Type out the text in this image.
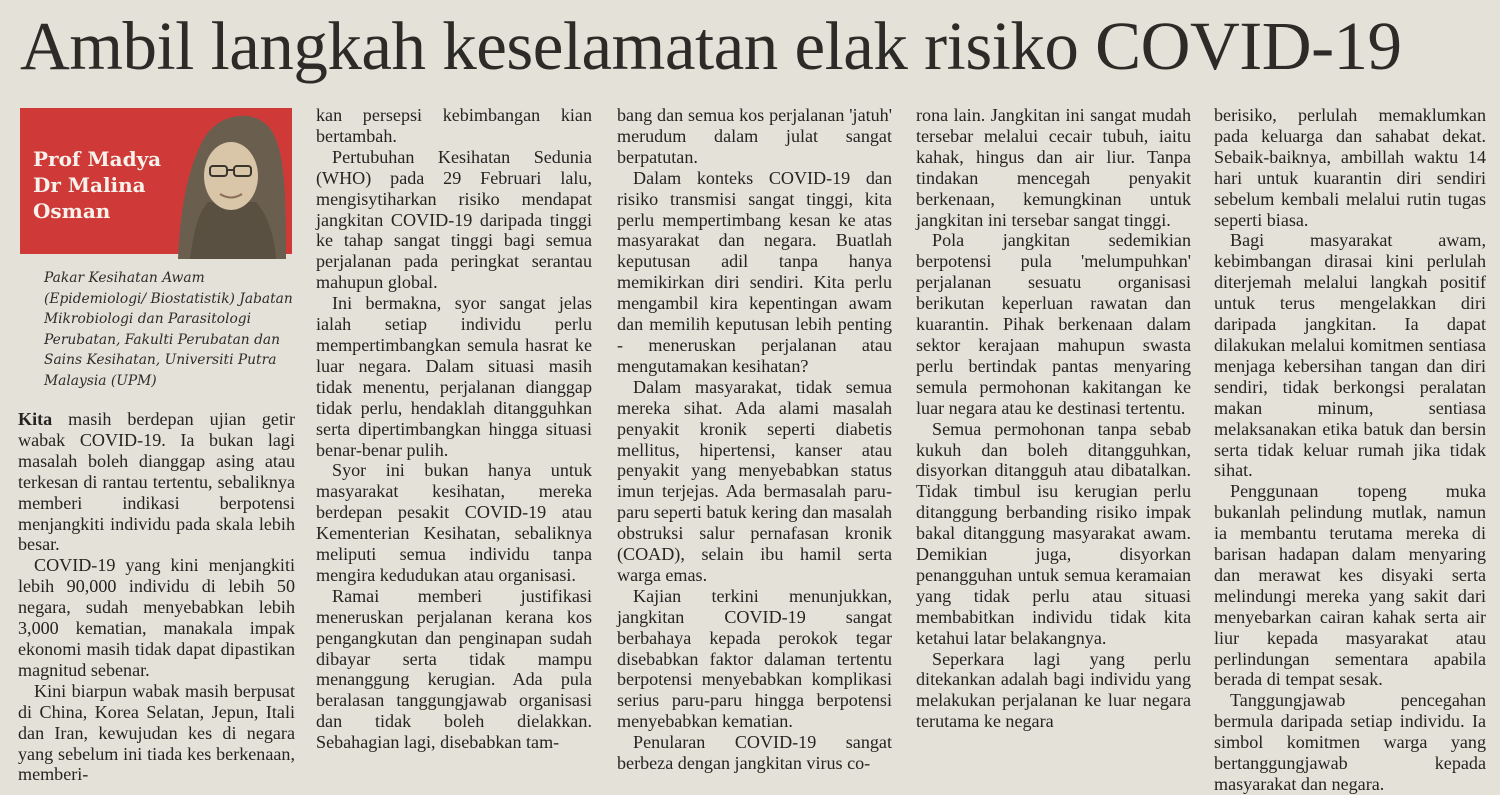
Ambil langkah keselamatan elak risiko COVID-19
Prof Madya
Dr Malina
Osman
Pakar Kesihatan Awam (Epidemiologi/ Biostatistik) Jabatan Mikrobiologi dan Parasitologi Perubatan, Fakulti Perubatan dan Sains Kesihatan, Universiti Putra Malaysia (UPM)

Kita masih berdepan ujian getir wabak COVID-19. Ia bukan lagi masalah boleh dianggap asing atau terkesan di rantau tertentu, sebaliknya memberi indikasi berpotensi menjangkiti individu pada skala lebih besar.

COVID-19 yang kini menjangkiti lebih 90,000 individu di lebih 50 negara, sudah menyebabkan lebih 3,000 kematian, manakala impak ekonomi masih tidak dapat dipastikan magnitud sebenar.

Kini biarpun wabak masih berpusat di China, Korea Selatan, Jepun, Itali dan Iran, kewujudan kes di negara yang sebelum ini tiada kes berkenaan, memberi-

kan persepsi kebimbangan kian bertambah.

Pertubuhan Kesihatan Sedunia (WHO) pada 29 Februari lalu, mengisytiharkan risiko mendapat jangkitan COVID-19 daripada tinggi ke tahap sangat tinggi bagi semua perjalanan pada peringkat serantau mahupun global.

Ini bermakna, syor sangat jelas ialah setiap individu perlu mempertimbangkan semula hasrat ke luar negara. Dalam situasi masih tidak menentu, perjalanan dianggap tidak perlu, hendaklah ditangguhkan serta dipertimbangkan hingga situasi benar-benar pulih.

Syor ini bukan hanya untuk masyarakat kesihatan, mereka berdepan pesakit COVID-19 atau Kementerian Kesihatan, sebaliknya meliputi semua individu tanpa mengira kedudukan atau organisasi.

Ramai memberi justifikasi meneruskan perjalanan kerana kos pengangkutan dan penginapan sudah dibayar serta tidak mampu menanggung kerugian. Ada pula beralasan tanggungjawab organisasi dan tidak boleh dielakkan. Sebahagian lagi, disebabkan tam-

bang dan semua kos perjalanan 'jatuh' merudum dalam julat sangat berpatutan.

Dalam konteks COVID-19 dan risiko transmisi sangat tinggi, kita perlu mempertimbang kesan ke atas masyarakat dan negara. Buatlah keputusan adil tanpa hanya memikirkan diri sendiri. Kita perlu mengambil kira kepentingan awam dan memilih keputusan lebih penting - meneruskan perjalanan atau mengutamakan kesihatan?

Dalam masyarakat, tidak semua mereka sihat. Ada alami masalah penyakit kronik seperti diabetis mellitus, hipertensi, kanser atau penyakit yang menyebabkan status imun terjejas. Ada bermasalah paru-paru seperti batuk kering dan masalah obstruksi salur pernafasan kronik (COAD), selain ibu hamil serta warga emas.

Kajian terkini menunjukkan, jangkitan COVID-19 sangat berbahaya kepada perokok tegar disebabkan faktor dalaman tertentu berpotensi menyebabkan komplikasi serius paru-paru hingga berpotensi menyebabkan kematian.

Penularan COVID-19 sangat berbeza dengan jangkitan virus co-

rona lain. Jangkitan ini sangat mudah tersebar melalui cecair tubuh, iaitu kahak, hingus dan air liur. Tanpa tindakan mencegah penyakit berkenaan, kemungkinan untuk jangkitan ini tersebar sangat tinggi.

Pola jangkitan sedemikian berpotensi pula 'melumpuhkan' perjalanan sesuatu organisasi berikutan keperluan rawatan dan kuarantin. Pihak berkenaan dalam sektor kerajaan mahupun swasta perlu bertindak pantas menyaring semula permohonan kakitangan ke luar negara atau ke destinasi tertentu.

Semua permohonan tanpa sebab kukuh dan boleh ditangguhkan, disyorkan ditangguh atau dibatalkan. Tidak timbul isu kerugian perlu ditanggung berbanding risiko impak bakal ditanggung masyarakat awam. Demikian juga, disyorkan penangguhan untuk semua keramaian yang tidak perlu atau situasi membabitkan individu tidak kita ketahui latar belakangnya.

Seperkara lagi yang perlu ditekankan adalah bagi individu yang melakukan perjalanan ke luar negara terutama ke negara

berisiko, perlulah memaklumkan pada keluarga dan sahabat dekat. Sebaik-baiknya, ambillah waktu 14 hari untuk kuarantin diri sendiri sebelum kembali melalui rutin tugas seperti biasa.

Bagi masyarakat awam, kebimbangan dirasai kini perlulah diterjemah melalui langkah positif untuk terus mengelakkan diri daripada jangkitan. Ia dapat dilakukan melalui komitmen sentiasa menjaga kebersihan tangan dan diri sendiri, tidak berkongsi peralatan makan minum, sentiasa melaksanakan etika batuk dan bersin serta tidak keluar rumah jika tidak sihat.

Penggunaan topeng muka bukanlah pelindung mutlak, namun ia membantu terutama mereka di barisan hadapan dalam menyaring dan merawat kes disyaki serta melindungi mereka yang sakit dari menyebarkan cairan kahak serta air liur kepada masyarakat atau perlindungan sementara apabila berada di tempat sesak.

Tanggungjawab pencegahan bermula daripada setiap individu. Ia simbol komitmen warga yang bertanggungjawab kepada masyarakat dan negara.
